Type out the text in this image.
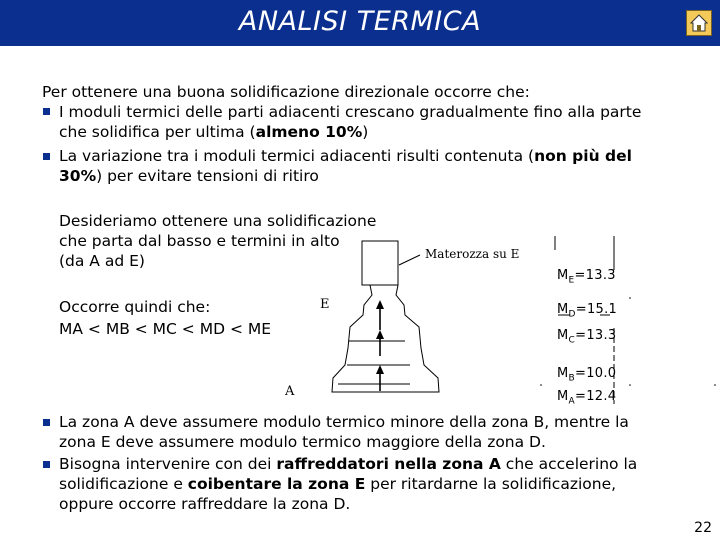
ANALISI TERMICA
Per ottenere una buona solidificazione direzionale occorre che:
I moduli termici delle parti adiacenti crescano gradualmente fino alla parte
che solidifica per ultima (almeno 10%)
La variazione tra i moduli termici adiacenti risulti contenuta (non più del
30%) per evitare tensioni di ritiro
Desideriamo ottenere una solidificazione
che parta dal basso e termini in alto
(da A ad E)
Occorre quindi che:
MA < MB < MC < MD < ME
Materozza su E
E
A
$M_E=13.3$
$M_D=15.1$
$M_C=13.3$
$M_B=10.0$
$M_A=12.4$
La zona A deve assumere modulo termico minore della zona B, mentre la
zona E deve assumere modulo termico maggiore della zona D.
Bisogna intervenire con dei raffreddatori nella zona A che accelerino la
solidificazione e coibentare la zona E per ritardarne la solidificazione,
oppure occorre raffreddare la zona D.
22
